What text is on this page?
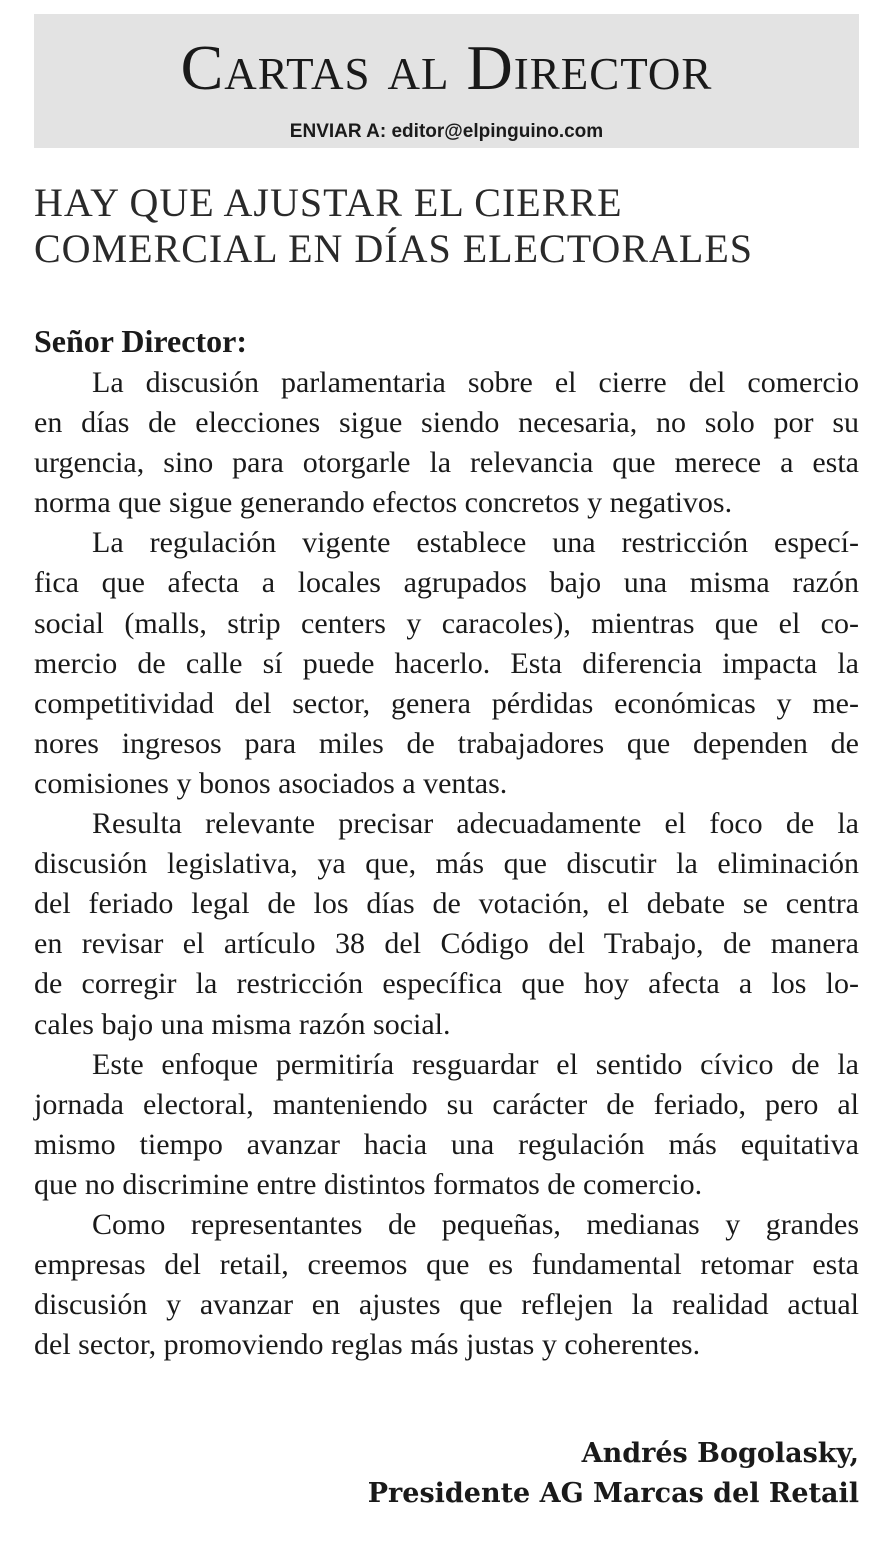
Cartas al Director
ENVIAR A: editor@elpinguino.com
HAY QUE AJUSTAR EL CIERRE
COMERCIAL EN DÍAS ELECTORALES
Señor Director:
La discusión parlamentaria sobre el cierre del comercio
en días de elecciones sigue siendo necesaria, no solo por su
urgencia, sino para otorgarle la relevancia que merece a esta
norma que sigue generando efectos concretos y negativos.
La regulación vigente establece una restricción especí-
fica que afecta a locales agrupados bajo una misma razón
social (malls, strip centers y caracoles), mientras que el co-
mercio de calle sí puede hacerlo. Esta diferencia impacta la
competitividad del sector, genera pérdidas económicas y me-
nores ingresos para miles de trabajadores que dependen de
comisiones y bonos asociados a ventas.
Resulta relevante precisar adecuadamente el foco de la
discusión legislativa, ya que, más que discutir la eliminación
del feriado legal de los días de votación, el debate se centra
en revisar el artículo 38 del Código del Trabajo, de manera
de corregir la restricción específica que hoy afecta a los lo-
cales bajo una misma razón social.
Este enfoque permitiría resguardar el sentido cívico de la
jornada electoral, manteniendo su carácter de feriado, pero al
mismo tiempo avanzar hacia una regulación más equitativa
que no discrimine entre distintos formatos de comercio.
Como representantes de pequeñas, medianas y grandes
empresas del retail, creemos que es fundamental retomar esta
discusión y avanzar en ajustes que reflejen la realidad actual
del sector, promoviendo reglas más justas y coherentes.
Andrés Bogolasky,
Presidente AG Marcas del Retail
